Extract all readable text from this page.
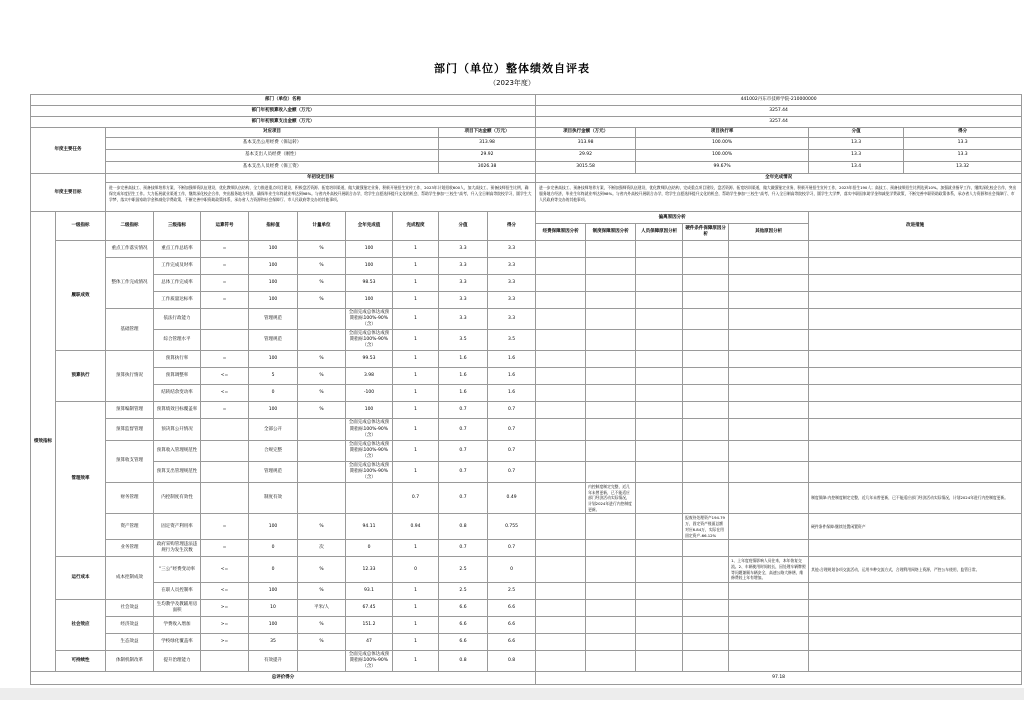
部门（单位）整体绩效自评表
（2023年度）
部门（单位）名称											441002丹东市技师学院-210000000						
部门年初预算收入金额（万元）											3257.44						
部门年初预算支出金额（万元）											3257.44						
年度主要任务		对应项目							项目下达金额（万元）		项目执行金额（万元）		项目执行率			分值	得分
		基本支出公用经费（保运转）							313.98		313.98		100.00%			13.3	13.3
		基本支出人员经费（刚性）							29.92		29.92		100.00%			13.3	13.3
		基本支出人员经费（保工资）							3026.38		3015.58		99.67%			13.4	13.32
年度主要目标		年初设定目标									全年完成情况						
进一步完善高技工、预备技师培养方案，不断加强师资队伍建设，优化教师队伍结构，全力推进重点项目建设，积极盘活资源、拓宽培训渠道，做大做强鉴定业务，积极开展招生宣传工作，2023年计划招收600人，加大高技工、预备技师招生比例，确保完成年度招生工作。大力拓展就业渠道工作，继续深化校企合作，突出服务地方经济，确保毕业生年终就业率达到98%。与省内外高校开展联合办学，给学生自愿选择提升文化的机会，帮助学生参加“三校生”高考，升入全日制高等院校学习，圆学生大学梦，落实中职国家助学金和减免学费政策，不断完善中职资助政策体系，承办省人力资源和社会保障厅、市人民政府等交办的其他事项。	进一步完善高技工、预备技师培养方案，不断加强师资队伍建设，优化教师队伍结构，完成重点项目建设，盘活资源、拓宽培训渠道，做大做强鉴定业务，积极开展招生宣传工作，2023年招生190人；高技工、预备技师招生比例达到10%。加强就业指导工作，继续深化校企合作，突出服务地方经济，毕业生年终就业率达到98%。与省内外高校开展联合办学，给学生自愿选择提升文化的机会，帮助学生参加“三校生”高考，升入全日制高等院校学习，圆学生大学梦，落实中职国家助学金和减免学费政策，不断完善中职资助政策体系，承办省人力资源和社会保障厅、市人民政府等交办的其他事项。
绩效指标	一级指标	二级指标	三级指标	运算符号	指标值	计量单位	全年完成值	完成程度	分值	得分	偏离原因分析					改进措施	
											经费保障原因分析	制度保障原因分析	人员保障原因分析	硬件条件保障原因分析	其他原因分析		
	履职成效	重点工作落实情况	重点工作总结率	=	100	%	100	1	3.3	3.3							
		整体工作完成情况	工作完成及时率	=	100	%	100	1	3.3	3.3							
			总体工作完成率	=	100	%	98.53	1	3.3	3.3							
			工作质量达标率	=	100	%	100	1	3.3	3.3							
		基础管理	依法行政能力		管理规范		全面完成总体达成预期指标100%-90%（含）	1	3.3	3.3							
			综合管理水平		管理规范		全面完成总体达成预期指标100%-90%（含）	1	3.5	3.5							
	预算执行	预算执行情况	预算执行率	=	100	%	99.53	1	1.6	1.6							
			预算调整率	<=	5	%	3.98	1	1.6	1.6							
			结转结余变动率	<=	0	%	-100	1	1.6	1.6							
	管理效率	预算编制管理	预算绩效目标覆盖率	=	100	%	100	1	0.7	0.7							
		预算监督管理	预决算公开情况		全部公开		全面完成总体达成预期指标100%-90%（含）	1	0.7	0.7							
		预算收支管理	预算收入管理规范性		合规完整		全面完成总体达成预期指标100%-90%（含）	1	0.7	0.7							
			预算支出管理规范性		管理规范		全面完成总体达成预期指标100%-90%（含）	1	0.7	0.7							
		财务管理	内控制度有效性		制度有效			0.7	0.7	0.49		内控制度制定完整，近几年未曾更新，已不能适应部门经济活动实际情况，计划2024年进行内控制度更新。				制度保障:内控制度制定完整，近几年未曾更新，已不能适应部门经济活动实际情况，计划2024年进行内控制度更新。	
		资产管理	固定资产利用率	=	100	%	94.11	0.94	0.8	0.755				报废待处理资产194.79万，固定资产账面总额对应6.84万，实际在用固定资产-66.12%		硬件条件保障:继续处置闲置资产	
		业务管理	政府采购管理违法违规行为发生次数	=	0	次	0	1	0.7	0.7							
	运行成本	成本控制成效	“三公”经费变动率	<=	0	%	12.33	0	2.5	0					1、上年度疫情影响人员往来，本年恢复交流。2、车辆使用时间较长，因处理车辆牌照等问题兼顾车辆安全，高速公路大修缮，维修费较上年有增加。	其他:合理规划各项交流活动，运用多种交流方式，合理利用网络上资源，严控公车使用，监管日常。	
			在职人员控制率	<=	100	%	93.1	1	2.5	2.5							
	社会效应	社会效益	生均教学及教辅用房面积	>=	10	平米/人	67.45	1	6.6	6.6							
		经济效益	学费收入增加	>=	100	%	151.2	1	6.6	6.6							
		生态效益	学校绿化覆盖率	>=	35	%	47	1	6.6	6.6							
	可持续性	体制机制改革	提升治理能力		有效提升		全面完成总体达成预期指标100%-90%（含）	1	0.8	0.8							
总评价得分											97.18						
